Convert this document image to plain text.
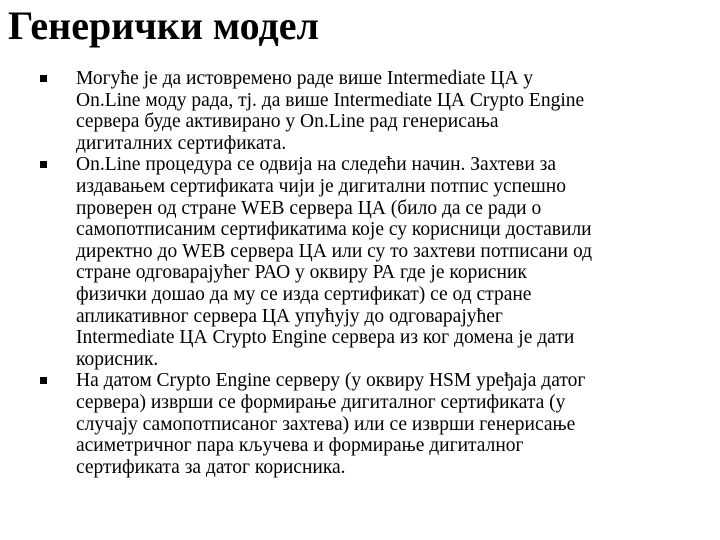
Генерички модел
Могуће је да истовремено раде више Intermediate ЦА у
On.Line моду рада, тј. да више Intermediate ЦА Crypto Engine
сервера буде активирано у On.Line рад генерисања
дигиталних сертификата.
On.Line процедура се одвија на следећи начин. Захтеви за
издавањем сертификата чији је дигитални потпис успешно
проверен од стране WEB сервера ЦА (било да се ради о
самопотписаним сертификатима које су корисници доставили
директно до WEB сервера ЦА или су то захтеви потписани од
стране одговарајућег РАО у оквиру РА где је корисник
физички дошао да му се изда сертификат) се од стране
апликативног сервера ЦА упућују до одговарајућег
Intermediate ЦА Crypto Engine сервера из ког домена је дати
корисник.
На датом Crypto Engine серверу (у оквиру HSM уређаја датог
сервера) изврши се формирање дигиталног сертификата (у
случају самопотписаног захтева) или се изврши генерисање
асиметричног пара кључева и формирање дигиталног
сертификата за датог корисника.
